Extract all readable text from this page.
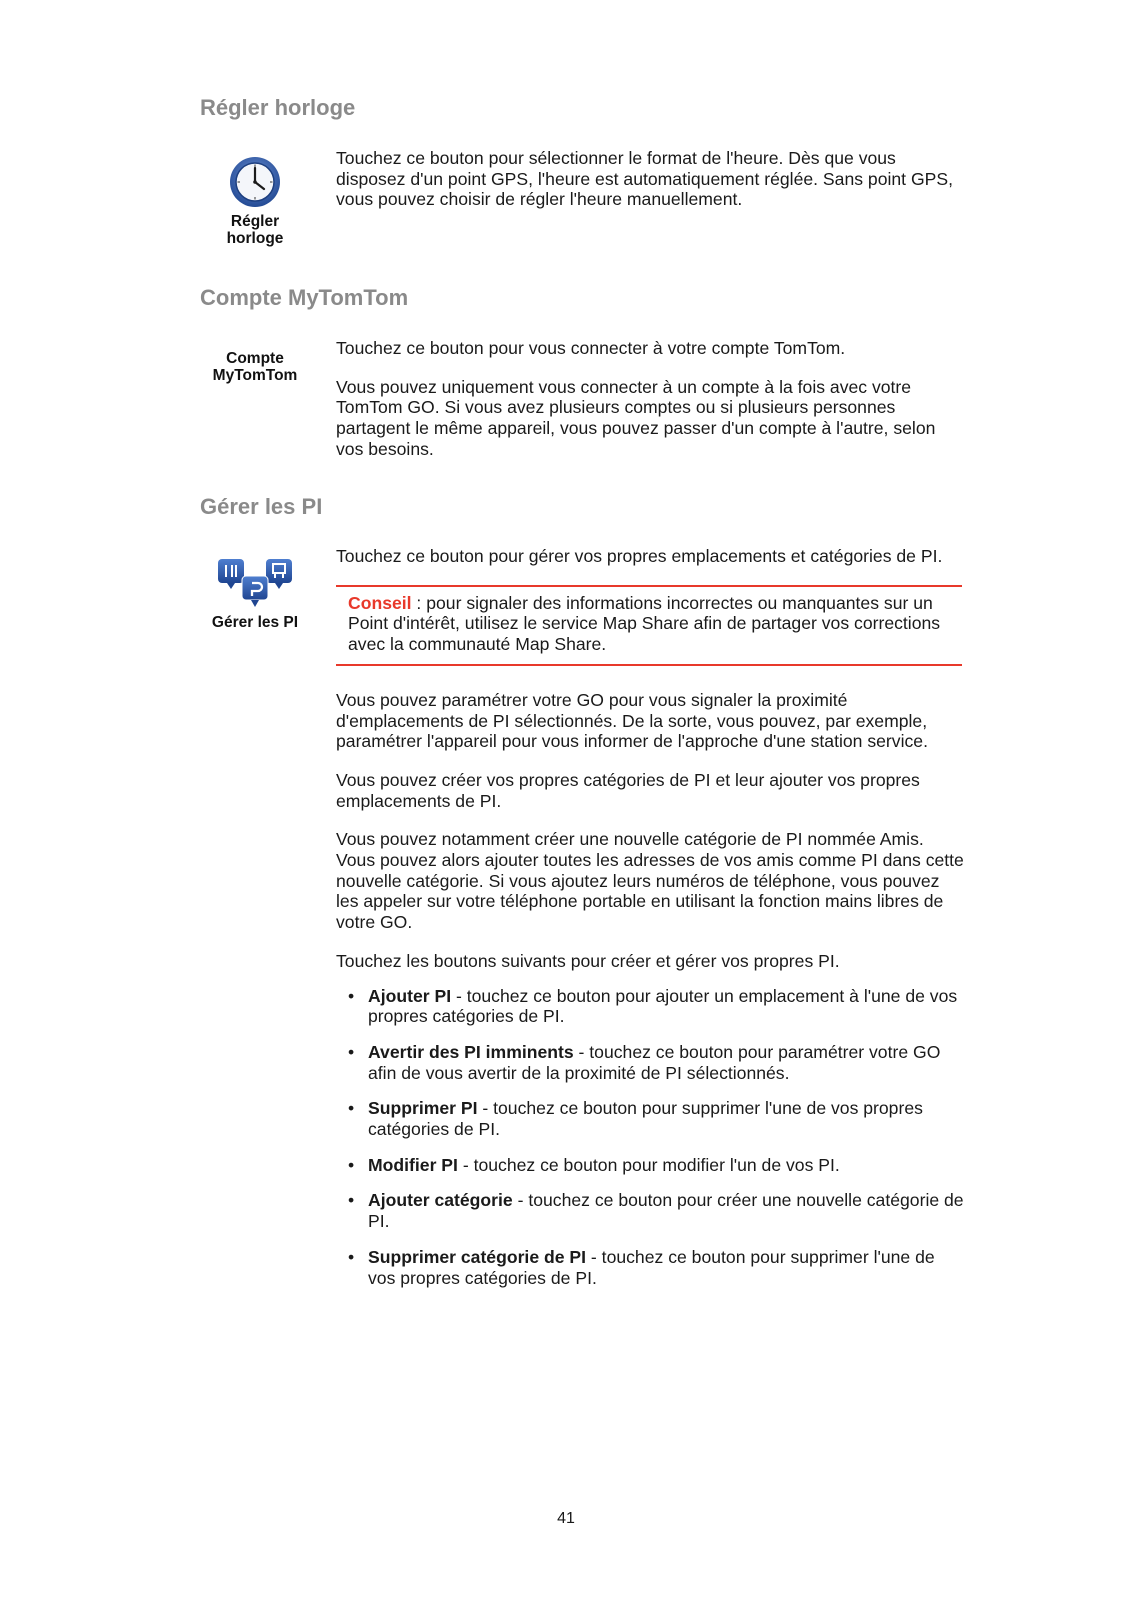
Régler horloge
Régler horloge

Touchez ce bouton pour sélectionner le format de l'heure. Dès que vous disposez d'un point GPS, l'heure est automatiquement réglée. Sans point GPS, vous pouvez choisir de régler l'heure manuellement.

Compte MyTomTom
Compte MyTomTom

Touchez ce bouton pour vous connecter à votre compte TomTom.

Vous pouvez uniquement vous connecter à un compte à la fois avec votre TomTom GO. Si vous avez plusieurs comptes ou si plusieurs personnes partagent le même appareil, vous pouvez passer d'un compte à l'autre, selon vos besoins.

Gérer les PI
Gérer les PI

Touchez ce bouton pour gérer vos propres emplacements et catégories de PI.

Conseil : pour signaler des informations incorrectes ou manquantes sur un Point d'intérêt, utilisez le service Map Share afin de partager vos corrections avec la communauté Map Share.

Vous pouvez paramétrer votre GO pour vous signaler la proximité d'emplacements de PI sélectionnés. De la sorte, vous pouvez, par exemple, paramétrer l'appareil pour vous informer de l'approche d'une station service.

Vous pouvez créer vos propres catégories de PI et leur ajouter vos propres emplacements de PI.

Vous pouvez notamment créer une nouvelle catégorie de PI nommée Amis. Vous pouvez alors ajouter toutes les adresses de vos amis comme PI dans cette nouvelle catégorie. Si vous ajoutez leurs numéros de téléphone, vous pouvez les appeler sur votre téléphone portable en utilisant la fonction mains libres de votre GO.

Touchez les boutons suivants pour créer et gérer vos propres PI.

• Ajouter PI - touchez ce bouton pour ajouter un emplacement à l'une de vos propres catégories de PI.
• Avertir des PI imminents - touchez ce bouton pour paramétrer votre GO afin de vous avertir de la proximité de PI sélectionnés.
• Supprimer PI - touchez ce bouton pour supprimer l'une de vos propres catégories de PI.
• Modifier PI - touchez ce bouton pour modifier l'un de vos PI.
• Ajouter catégorie - touchez ce bouton pour créer une nouvelle catégorie de PI.
• Supprimer catégorie de PI - touchez ce bouton pour supprimer l'une de vos propres catégories de PI.
41
